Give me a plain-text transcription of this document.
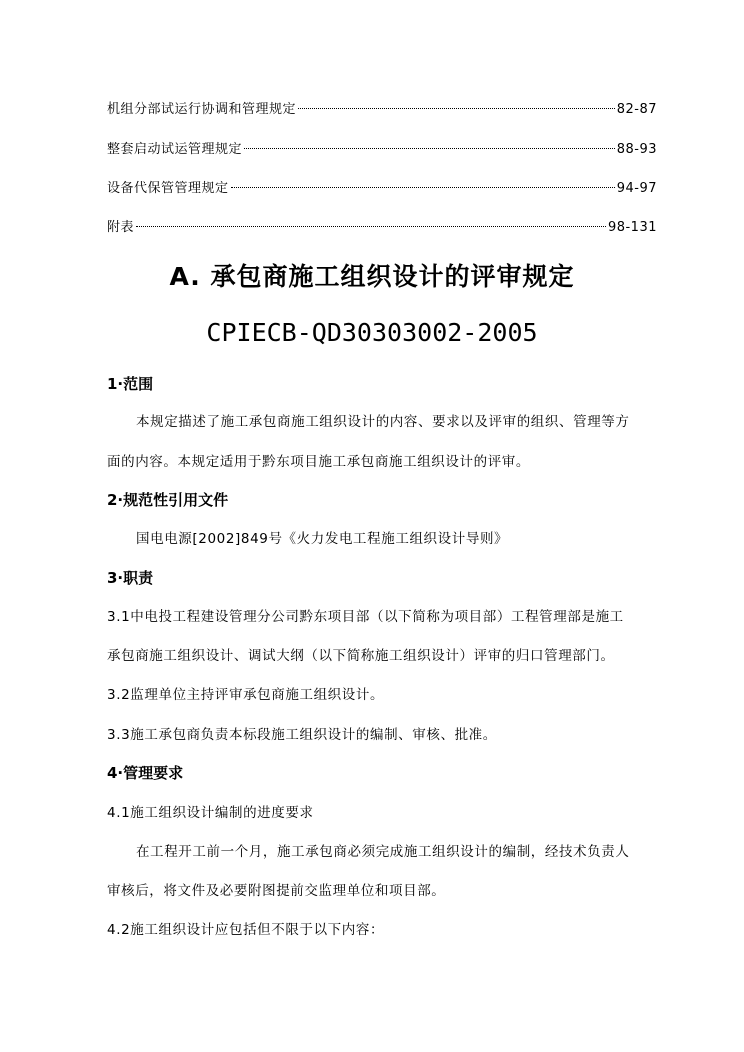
机组分部试运行协调和管理规定	82-87
整套启动试运管理规定	88-93
设备代保管管理规定	94-97
附表	98-131
A. 承包商施工组织设计的评审规定
CPIECB-QD30303002-2005
1·范围
本规定描述了施工承包商施工组织设计的内容、要求以及评审的组织、管理等方
面的内容。本规定适用于黔东项目施工承包商施工组织设计的评审。
2·规范性引用文件
国电电源[2002]849号《火力发电工程施工组织设计导则》
3·职责
3.1中电投工程建设管理分公司黔东项目部（以下简称为项目部）工程管理部是施工
承包商施工组织设计、调试大纲（以下简称施工组织设计）评审的归口管理部门。
3.2监理单位主持评审承包商施工组织设计。
3.3施工承包商负责本标段施工组织设计的编制、审核、批准。
4·管理要求
4.1施工组织设计编制的进度要求
在工程开工前一个月，施工承包商必须完成施工组织设计的编制，经技术负责人
审核后，将文件及必要附图提前交监理单位和项目部。
4.2施工组织设计应包括但不限于以下内容：
